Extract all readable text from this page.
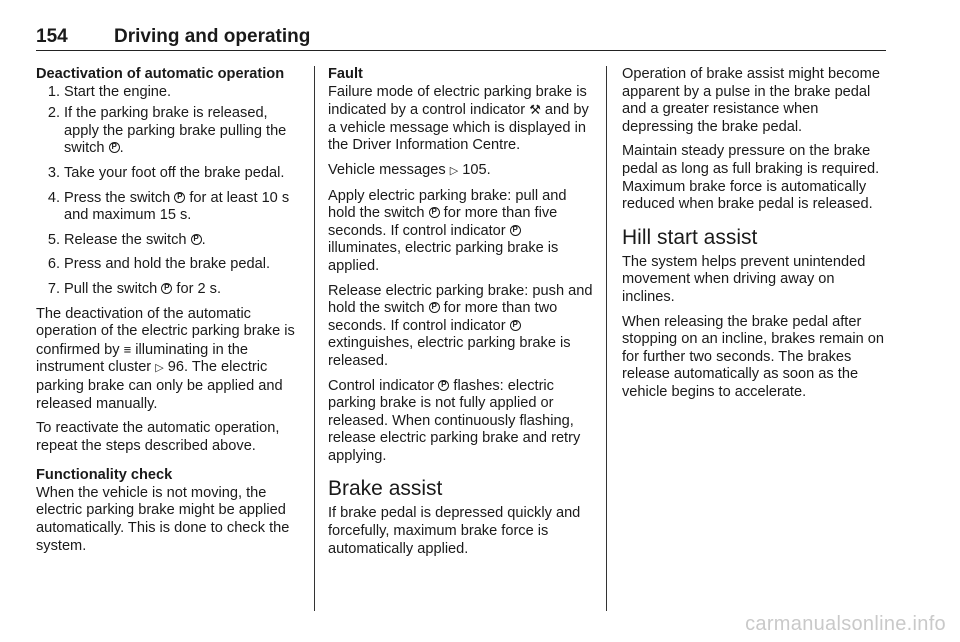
154 Driving and operating
Deactivation of automatic operation
1. Start the engine.
2. If the parking brake is released, apply the parking brake pulling the switch P .
3. Take your foot off the brake pedal.
4. Press the switch P for at least 10 s and maximum 15 s.
5. Release the switch P .
6. Press and hold the brake pedal.
7. Pull the switch P for 2 s.

The deactivation of the automatic operation of the electric parking brake is confirmed by ≡ illuminating in the instrument cluster ▷ 96. The electric parking brake can only be applied and released manually.

To reactivate the automatic operation, repeat the steps described above.

Functionality check

When the vehicle is not moving, the electric parking brake might be applied automatically. This is done to check the system.

Fault

Failure mode of electric parking brake is indicated by a control indicator ⚒ and by a vehicle message which is displayed in the Driver Information Centre.

Vehicle messages ▷ 105.

Apply electric parking brake: pull and hold the switch P for more than five seconds. If control indicator P illuminates, electric parking brake is applied.

Release electric parking brake: push and hold the switch P for more than two seconds. If control indicator P extinguishes, electric parking brake is released.

Control indicator P flashes: electric parking brake is not fully applied or released. When continuously flashing, release electric parking brake and retry applying.

Brake assist

If brake pedal is depressed quickly and forcefully, maximum brake force is automatically applied.

Operation of brake assist might become apparent by a pulse in the brake pedal and a greater resistance when depressing the brake pedal.

Maintain steady pressure on the brake pedal as long as full braking is required. Maximum brake force is automatically reduced when brake pedal is released.

Hill start assist

The system helps prevent unintended movement when driving away on inclines.

When releasing the brake pedal after stopping on an incline, brakes remain on for further two seconds. The brakes release automatically as soon as the vehicle begins to accelerate.

carmanualsonline.info
